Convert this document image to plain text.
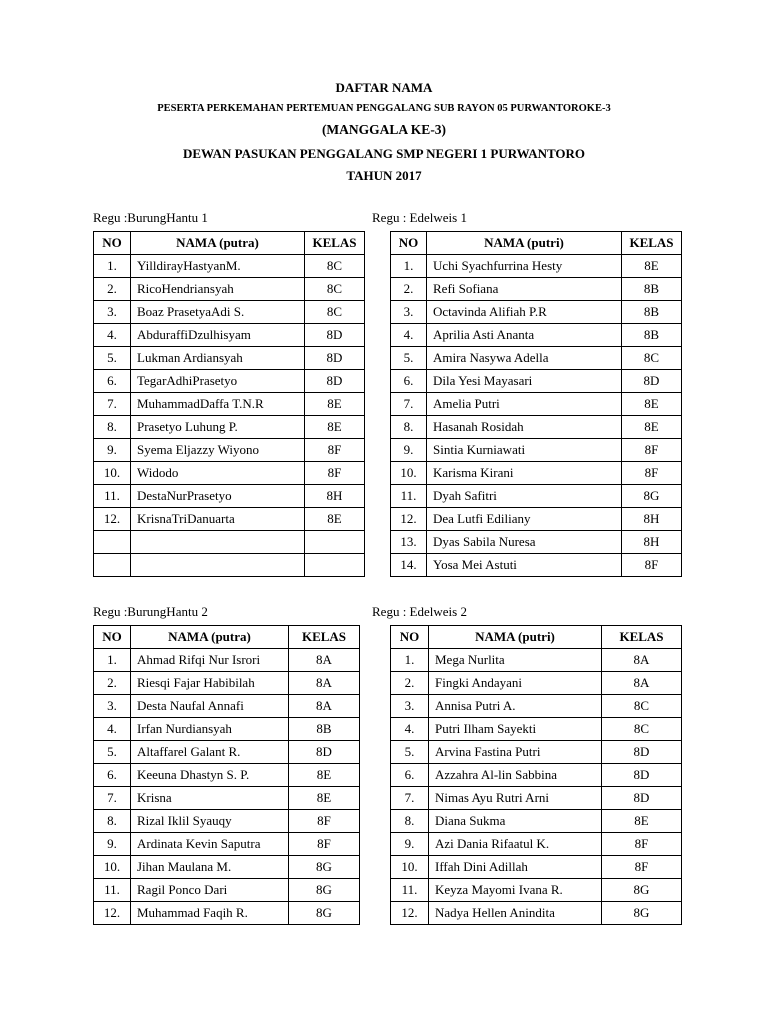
DAFTAR NAMA
PESERTA PERKEMAHAN PERTEMUAN PENGGALANG SUB RAYON 05 PURWANTOROKE-3
(MANGGALA KE-3)
DEWAN PASUKAN PENGGALANG SMP NEGERI 1 PURWANTORO
TAHUN 2017
Regu :BurungHantu 1
NO	NAMA (putra)	KELAS
1.	YilldirayHastyanM.	8C
2.	RicoHendriansyah	8C
3.	Boaz PrasetyaAdi S.	8C
4.	AbduraffiDzulhisyam	8D
5.	Lukman Ardiansyah	8D
6.	TegarAdhiPrasetyo	8D
7.	MuhammadDaffa T.N.R	8E
8.	Prasetyo Luhung P.	8E
9.	Syema Eljazzy Wiyono	8F
10.	Widodo	8F
11.	DestaNurPrasetyo	8H
12.	KrisnaTriDanuarta	8E

Regu : Edelweis 1
NO	NAMA (putri)	KELAS
1.	Uchi Syachfurrina Hesty	8E
2.	Refi Sofiana	8B
3.	Octavinda Alifiah P.R	8B
4.	Aprilia Asti Ananta	8B
5.	Amira Nasywa Adella	8C
6.	Dila Yesi Mayasari	8D
7.	Amelia Putri	8E
8.	Hasanah Rosidah	8E
9.	Sintia Kurniawati	8F
10.	Karisma Kirani	8F
11.	Dyah Safitri	8G
12.	Dea Lutfi Ediliany	8H
13.	Dyas Sabila Nuresa	8H
14.	Yosa Mei Astuti	8F
Regu :BurungHantu 2
NO	NAMA (putra)	KELAS
1.	Ahmad Rifqi Nur Isrori	8A
2.	Riesqi Fajar Habibilah	8A
3.	Desta Naufal Annafi	8A
4.	Irfan Nurdiansyah	8B
5.	Altaffarel Galant R.	8D
6.	Keeuna Dhastyn S. P.	8E
7.	Krisna	8E
8.	Rizal Iklil Syauqy	8F
9.	Ardinata Kevin Saputra	8F
10.	Jihan Maulana M.	8G
11.	Ragil Ponco Dari	8G
12.	Muhammad Faqih R.	8G
Regu : Edelweis 2
NO	NAMA (putri)	KELAS
1.	Mega Nurlita	8A
2.	Fingki Andayani	8A
3.	Annisa Putri A.	8C
4.	Putri Ilham Sayekti	8C
5.	Arvina Fastina Putri	8D
6.	Azzahra Al-lin Sabbina	8D
7.	Nimas Ayu Rutri Arni	8D
8.	Diana Sukma	8E
9.	Azi Dania Rifaatul K.	8F
10.	Iffah Dini Adillah	8F
11.	Keyza Mayomi Ivana R.	8G
12.	Nadya Hellen Anindita	8G
